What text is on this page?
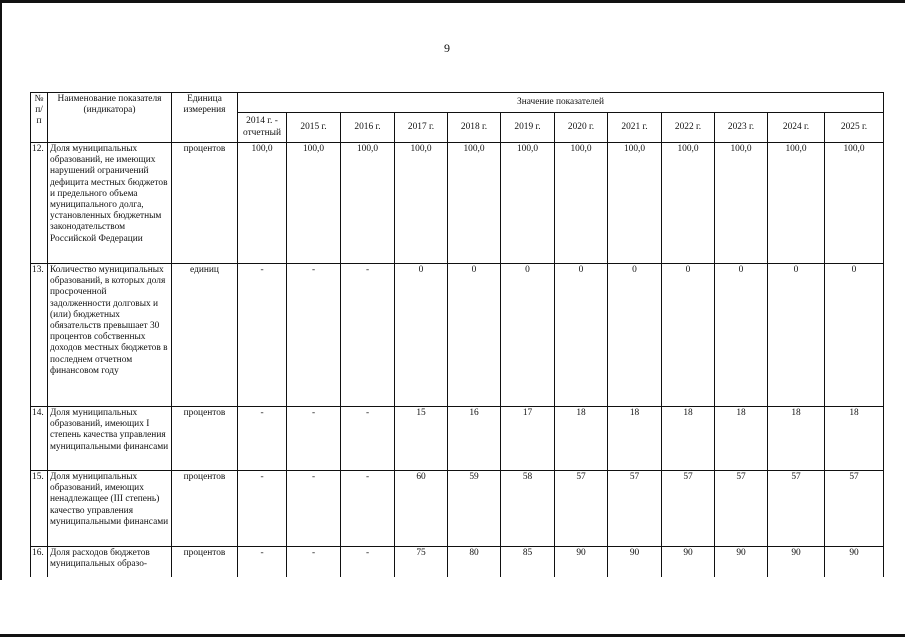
9
№ п/п	Наименование показателя (индикатора)	Единица измерения	Значение показателей											
			2014 г. - отчетный	2015 г.	2016 г.	2017 г.	2018 г.	2019 г.	2020 г.	2021 г.	2022 г.	2023 г.	2024 г.	2025 г.
12.	Доля муниципальных образований, не имеющих нарушений ограничений дефицита местных бюджетов и предельного объема муниципального долга, установленных бюджетным законодательством Российской Федерации	процентов	100,0	100,0	100,0	100,0	100,0	100,0	100,0	100,0	100,0	100,0	100,0	100,0
13.	Количество муниципальных образований, в которых доля просроченной задолженности долговых и (или) бюджетных обязательств превышает 30 процентов собственных доходов местных бюджетов в последнем отчетном финансовом году	единиц	-	-	-	0	0	0	0	0	0	0	0	0
14.	Доля муниципальных образований, имеющих I степень качества управления муниципальными финансами	процентов	-	-	-	15	16	17	18	18	18	18	18	18
15.	Доля муниципальных образований, имеющих ненадлежащее (III степень) качество управления муниципальными финансами	процентов	-	-	-	60	59	58	57	57	57	57	57	57
16.	Доля расходов бюджетов муниципальных образо-	процентов	-	-	-	75	80	85	90	90	90	90	90	90
